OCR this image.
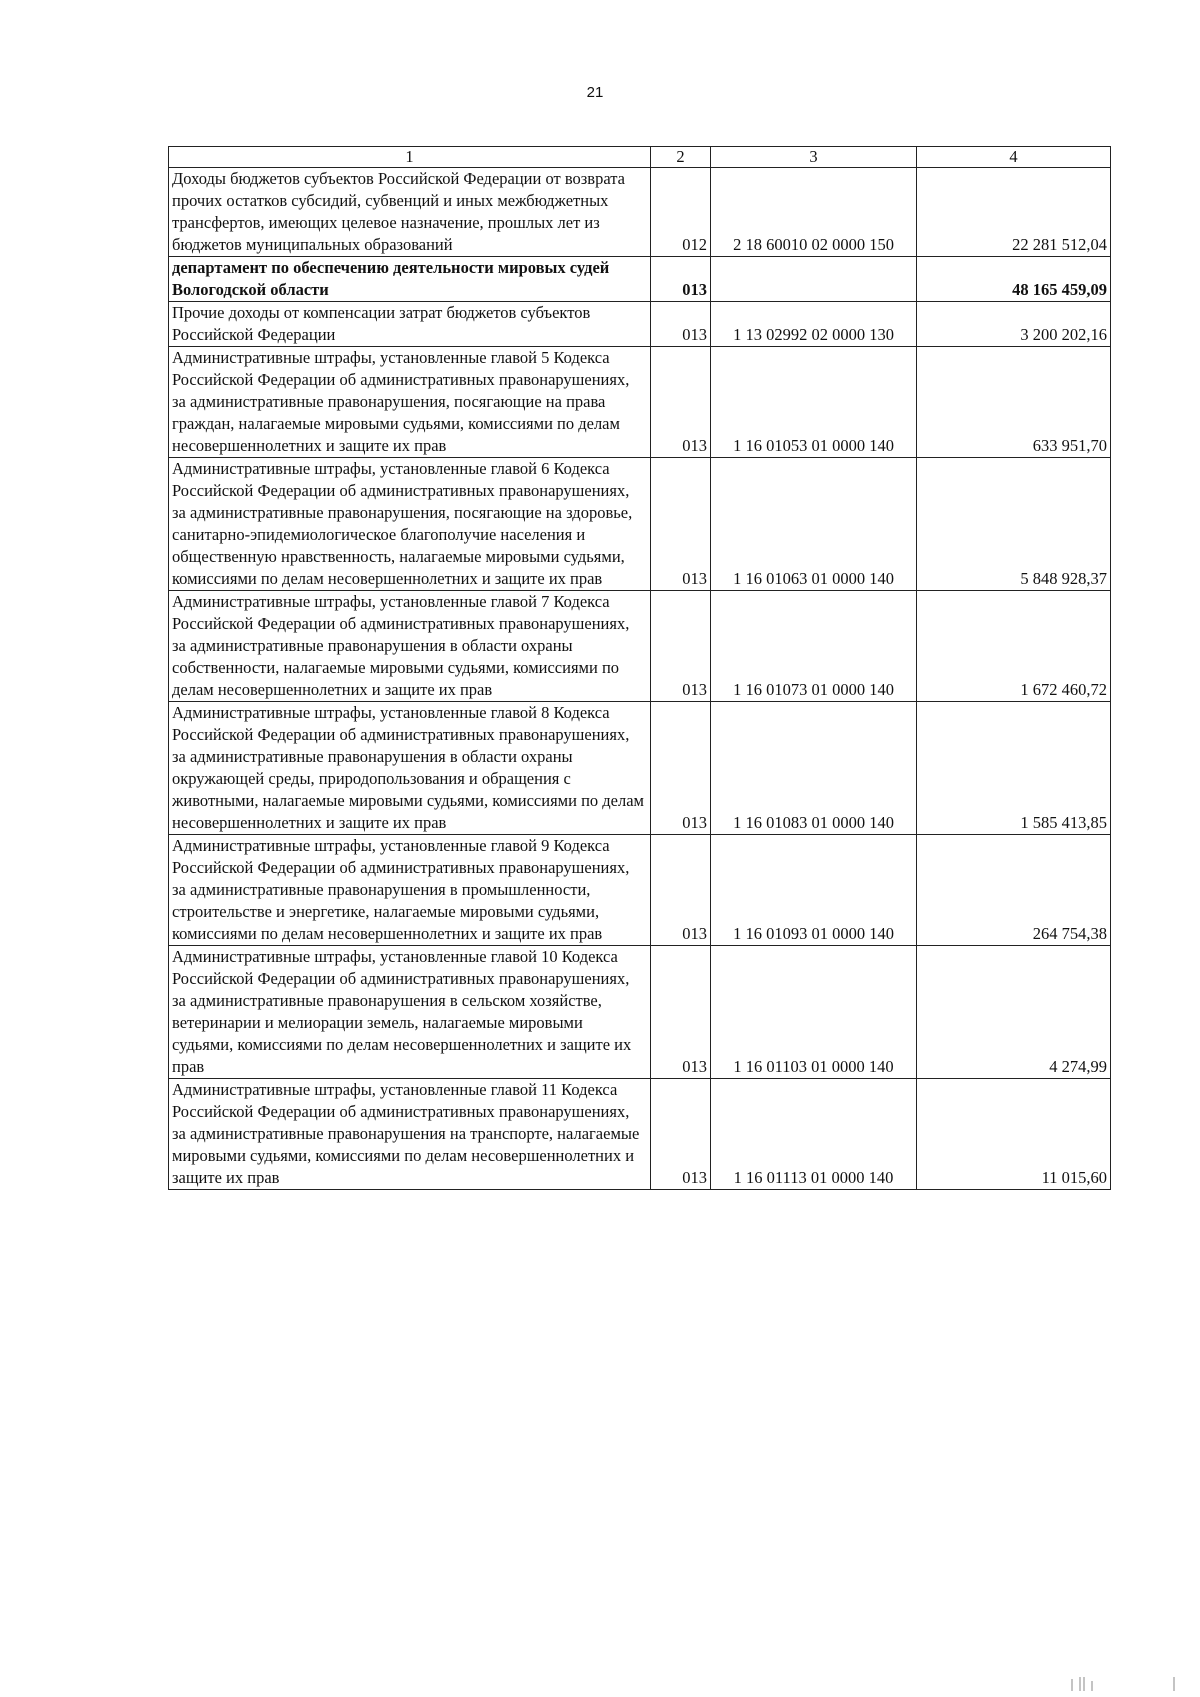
21
1	2	3	4
Доходы бюджетов субъектов Российской Федерации от возврата прочих остатков субсидий, субвенций и иных межбюджетных трансфертов, имеющих целевое назначение, прошлых лет из бюджетов муниципальных образований	012	2 18 60010 02 0000 150	22 281 512,04
департамент по обеспечению деятельности мировых судей Вологодской области	013		48 165 459,09
Прочие доходы от компенсации затрат бюджетов субъектов Российской Федерации	013	1 13 02992 02 0000 130	3 200 202,16
Административные штрафы, установленные главой 5 Кодекса Российской Федерации об административных правонарушениях, за административные правонарушения, посягающие на права граждан, налагаемые мировыми судьями, комиссиями по делам несовершеннолетних и защите их прав	013	1 16 01053 01 0000 140	633 951,70
Административные штрафы, установленные главой 6 Кодекса Российской Федерации об административных правонарушениях, за административные правонарушения, посягающие на здоровье, санитарно-эпидемиологическое благополучие населения и общественную нравственность, налагаемые мировыми судьями, комиссиями по делам несовершеннолетних и защите их прав	013	1 16 01063 01 0000 140	5 848 928,37
Административные штрафы, установленные главой 7 Кодекса Российской Федерации об административных правонарушениях, за административные правонарушения в области охраны собственности, налагаемые мировыми судьями, комиссиями по делам несовершеннолетних и защите их прав	013	1 16 01073 01 0000 140	1 672 460,72
Административные штрафы, установленные главой 8 Кодекса Российской Федерации об административных правонарушениях, за административные правонарушения в области охраны окружающей среды, природопользования и обращения с животными, налагаемые мировыми судьями, комиссиями по делам несовершеннолетних и защите их прав	013	1 16 01083 01 0000 140	1 585 413,85
Административные штрафы, установленные главой 9 Кодекса Российской Федерации об административных правонарушениях, за административные правонарушения в промышленности, строительстве и энергетике, налагаемые мировыми судьями, комиссиями по делам несовершеннолетних и защите их прав	013	1 16 01093 01 0000 140	264 754,38
Административные штрафы, установленные главой 10 Кодекса Российской Федерации об административных правонарушениях, за административные правонарушения в сельском хозяйстве, ветеринарии и мелиорации земель, налагаемые мировыми судьями, комиссиями по делам несовершеннолетних и защите их прав	013	1 16 01103 01 0000 140	4 274,99
Административные штрафы, установленные главой 11 Кодекса Российской Федерации об административных правонарушениях, за административные правонарушения на транспорте, налагаемые мировыми судьями, комиссиями по делам несовершеннолетних и защите их прав	013	1 16 01113 01 0000 140	11 015,60
